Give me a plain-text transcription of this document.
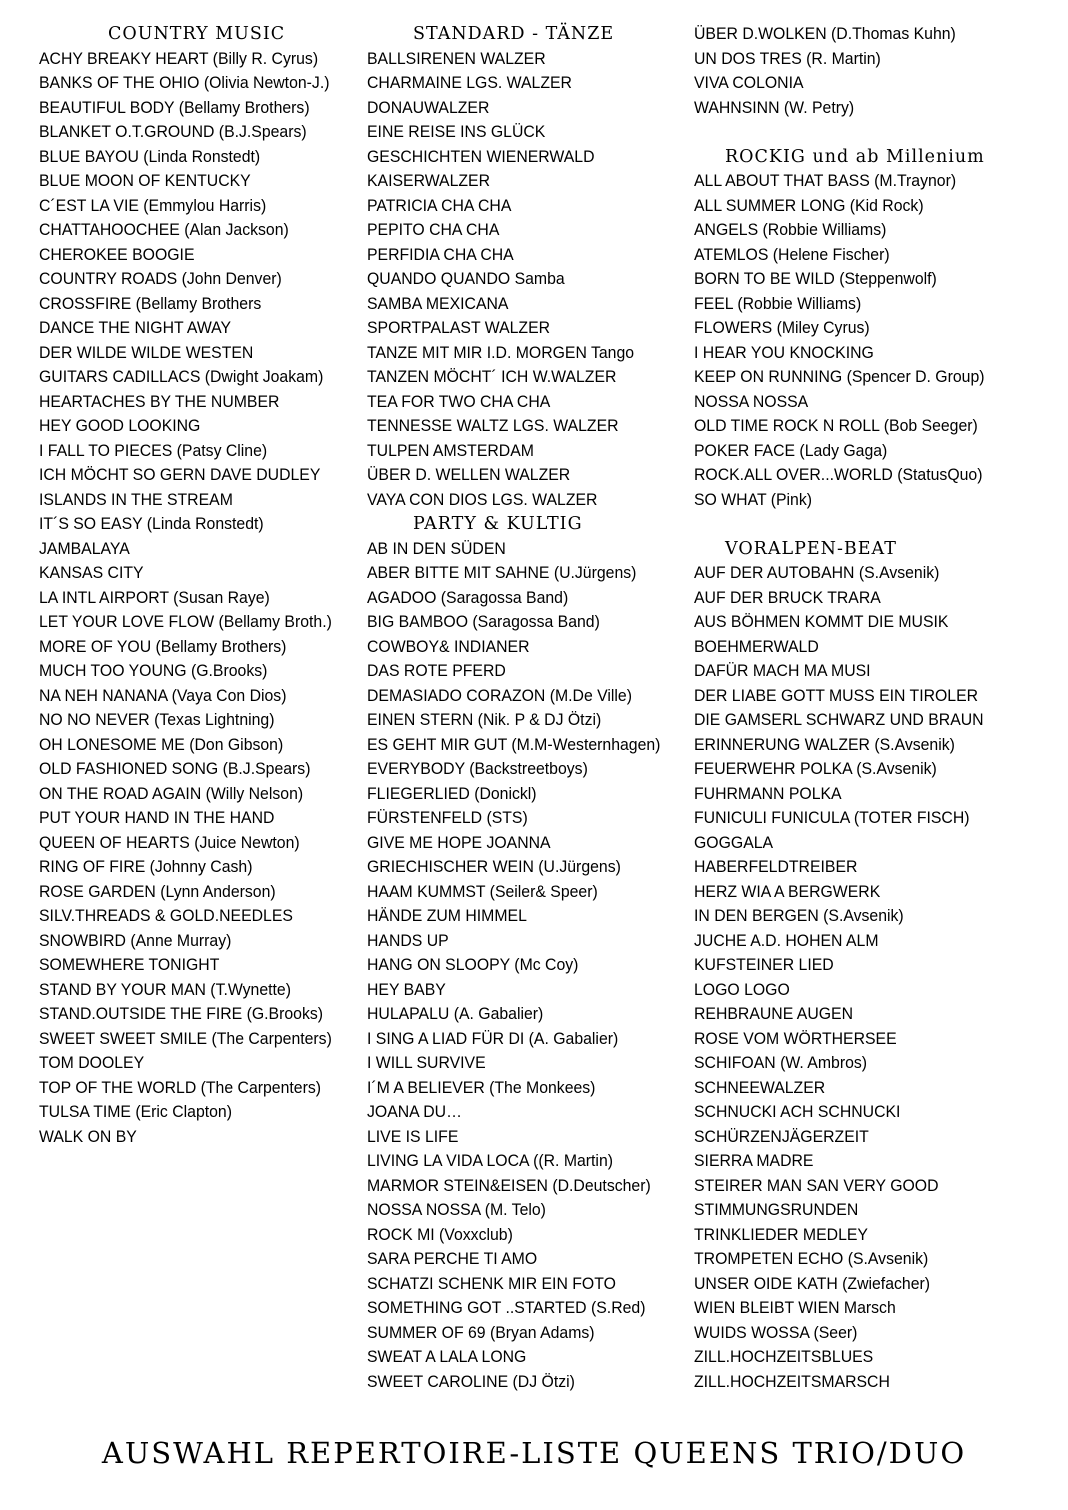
COUNTRY MUSIC
ACHY BREAKY HEART (Billy R. Cyrus)
BANKS OF THE OHIO (Olivia Newton-J.)
BEAUTIFUL BODY (Bellamy Brothers)
BLANKET O.T.GROUND (B.J.Spears)
BLUE BAYOU (Linda Ronstedt)
BLUE MOON OF KENTUCKY
C´EST LA VIE (Emmylou Harris)
CHATTAHOOCHEE (Alan Jackson)
CHEROKEE BOOGIE
COUNTRY ROADS (John Denver)
CROSSFIRE (Bellamy Brothers
DANCE THE NIGHT AWAY
DER WILDE WILDE WESTEN
GUITARS CADILLACS (Dwight Joakam)
HEARTACHES BY THE NUMBER
HEY GOOD LOOKING
I FALL TO PIECES (Patsy Cline)
ICH MÖCHT SO GERN DAVE DUDLEY
ISLANDS IN THE STREAM
IT´S SO EASY (Linda Ronstedt)
JAMBALAYA
KANSAS CITY
LA INTL AIRPORT (Susan Raye)
LET YOUR LOVE FLOW (Bellamy Broth.)
MORE OF YOU (Bellamy Brothers)
MUCH TOO YOUNG (G.Brooks)
NA NEH NANANA (Vaya Con Dios)
NO NO NEVER (Texas Lightning)
OH LONESOME ME (Don Gibson)
OLD FASHIONED SONG (B.J.Spears)
ON THE ROAD AGAIN (Willy Nelson)
PUT YOUR HAND IN THE HAND
QUEEN OF HEARTS (Juice Newton)
RING OF FIRE (Johnny Cash)
ROSE GARDEN (Lynn Anderson)
SILV.THREADS & GOLD.NEEDLES
SNOWBIRD (Anne Murray)
SOMEWHERE TONIGHT
STAND BY YOUR MAN (T.Wynette)
STAND.OUTSIDE THE FIRE (G.Brooks)
SWEET SWEET SMILE (The Carpenters)
TOM DOOLEY
TOP OF THE WORLD (The Carpenters)
TULSA TIME (Eric Clapton)
WALK ON BY
STANDARD - TÄNZE
BALLSIRENEN WALZER
CHARMAINE LGS. WALZER
DONAUWALZER
EINE REISE INS GLÜCK
GESCHICHTEN WIENERWALD
KAISERWALZER
PATRICIA CHA CHA
PEPITO CHA CHA
PERFIDIA CHA CHA
QUANDO QUANDO Samba
SAMBA MEXICANA
SPORTPALAST WALZER
TANZE MIT MIR I.D. MORGEN Tango
TANZEN MÖCHT´ ICH W.WALZER
TEA FOR TWO CHA CHA
TENNESSE WALTZ LGS. WALZER
TULPEN AMSTERDAM
ÜBER D. WELLEN WALZER
VAYA CON DIOS LGS. WALZER
PARTY & KULTIG
AB IN DEN SÜDEN
ABER BITTE MIT SAHNE (U.Jürgens)
AGADOO (Saragossa Band)
BIG BAMBOO (Saragossa Band)
COWBOY& INDIANER
DAS ROTE PFERD
DEMASIADO CORAZON (M.De Ville)
EINEN STERN (Nik. P & DJ Ötzi)
ES GEHT MIR GUT (M.M-Westernhagen)
EVERYBODY (Backstreetboys)
FLIEGERLIED (Donickl)
FÜRSTENFELD (STS)
GIVE ME HOPE JOANNA
GRIECHISCHER WEIN (U.Jürgens)
HAAM KUMMST (Seiler& Speer)
HÄNDE ZUM HIMMEL
HANDS UP
HANG ON SLOOPY (Mc Coy)
HEY BABY
HULAPALU (A. Gabalier)
I SING A LIAD FÜR DI (A. Gabalier)
I WILL SURVIVE
I´M A BELIEVER (The Monkees)
JOANA DU…
LIVE IS LIFE
LIVING LA VIDA LOCA ((R. Martin)
MARMOR STEIN&EISEN (D.Deutscher)
NOSSA NOSSA (M. Telo)
ROCK MI (Voxxclub)
SARA PERCHE TI AMO
SCHATZI SCHENK MIR EIN FOTO
SOMETHING GOT ..STARTED (S.Red)
SUMMER OF 69 (Bryan Adams)
SWEAT A LALA LONG
SWEET CAROLINE (DJ Ötzi)
ÜBER D.WOLKEN (D.Thomas Kuhn)
UN DOS TRES (R. Martin)
VIVA COLONIA
WAHNSINN (W. Petry)
ROCKIG und ab Millenium
ALL ABOUT THAT BASS (M.Traynor)
ALL SUMMER LONG (Kid Rock)
ANGELS (Robbie Williams)
ATEMLOS (Helene Fischer)
BORN TO BE WILD (Steppenwolf)
FEEL (Robbie Williams)
FLOWERS (Miley Cyrus)
I HEAR YOU KNOCKING
KEEP ON RUNNING (Spencer D. Group)
NOSSA NOSSA
OLD TIME ROCK N ROLL (Bob Seeger)
POKER FACE (Lady Gaga)
ROCK.ALL OVER...WORLD (StatusQuo)
SO WHAT (Pink)
VORALPEN-BEAT
AUF DER AUTOBAHN (S.Avsenik)
AUF DER BRUCK TRARA
AUS BÖHMEN KOMMT DIE MUSIK
BOEHMERWALD
DAFÜR MACH MA MUSI
DER LIABE GOTT MUSS EIN TIROLER
DIE GAMSERL SCHWARZ UND BRAUN
ERINNERUNG WALZER (S.Avsenik)
FEUERWEHR POLKA (S.Avsenik)
FUHRMANN POLKA
FUNICULI FUNICULA (TOTER FISCH)
GOGGALA
HABERFELDTREIBER
HERZ WIA A BERGWERK
IN DEN BERGEN (S.Avsenik)
JUCHE A.D. HOHEN ALM
KUFSTEINER LIED
LOGO LOGO
REHBRAUNE AUGEN
ROSE VOM WÖRTHERSEE
SCHIFOAN (W. Ambros)
SCHNEEWALZER
SCHNUCKI ACH SCHNUCKI
SCHÜRZENJÄGERZEIT
SIERRA MADRE
STEIRER MAN SAN VERY GOOD
STIMMUNGSRUNDEN
TRINKLIEDER MEDLEY
TROMPETEN ECHO (S.Avsenik)
UNSER OIDE KATH (Zwiefacher)
WIEN BLEIBT WIEN Marsch
WUIDS WOSSA (Seer)
ZILL.HOCHZEITSBLUES
ZILL.HOCHZEITSMARSCH
AUSWAHL REPERTOIRE-LISTE QUEENS TRIO/DUO
